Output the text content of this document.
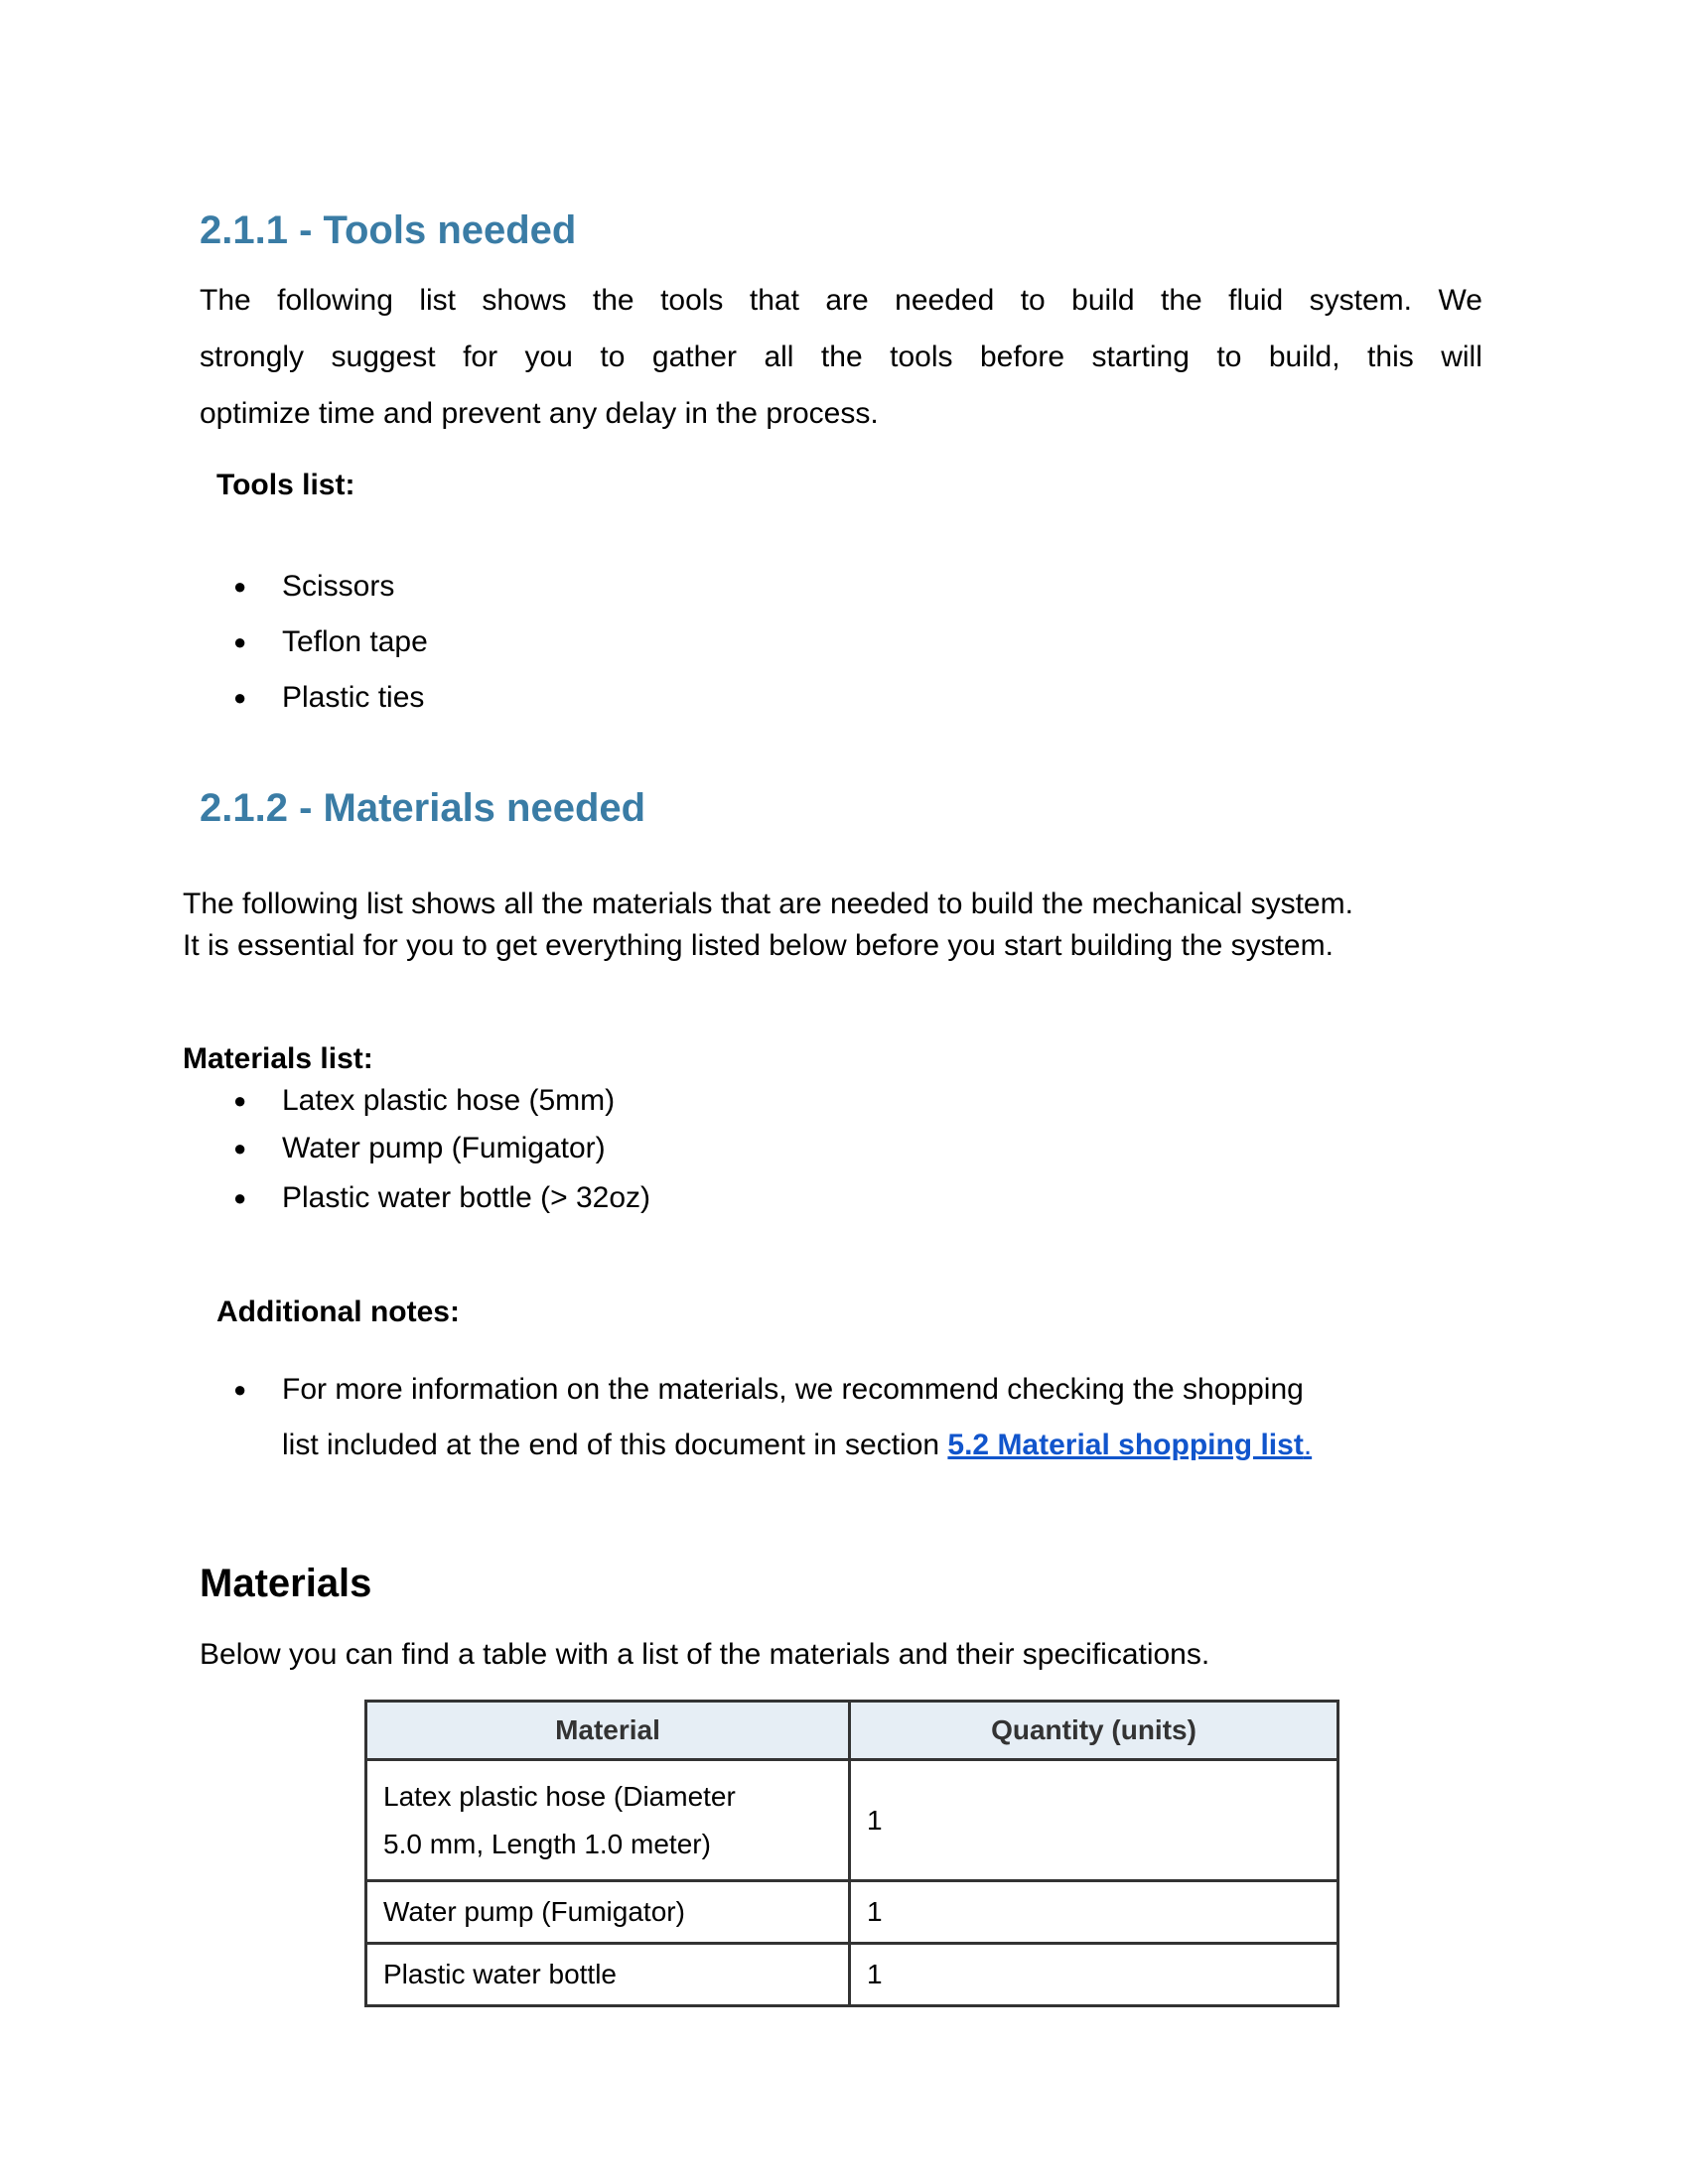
2.1.1 - Tools needed
The following list shows the tools that are needed to build the fluid system. We
strongly suggest for you to gather all the tools before starting to build, this will
optimize time and prevent any delay in the process.
Tools list:
● Scissors
● Teflon tape
● Plastic ties
2.1.2 - Materials needed
The following list shows all the materials that are needed to build the mechanical system.
It is essential for you to get everything listed below before you start building the system.
Materials list:
● Latex plastic hose (5mm)
● Water pump (Fumigator)
● Plastic water bottle (> 32oz)
Additional notes:
● For more information on the materials, we recommend checking the shopping
list included at the end of this document in section 5.2 Material shopping list.
Materials
Below you can find a table with a list of the materials and their specifications.
Material	Quantity (units)

Latex plastic hose (Diameter
5.0 mm, Length 1.0 meter)	1
Water pump (Fumigator)	1
Plastic water bottle	1
